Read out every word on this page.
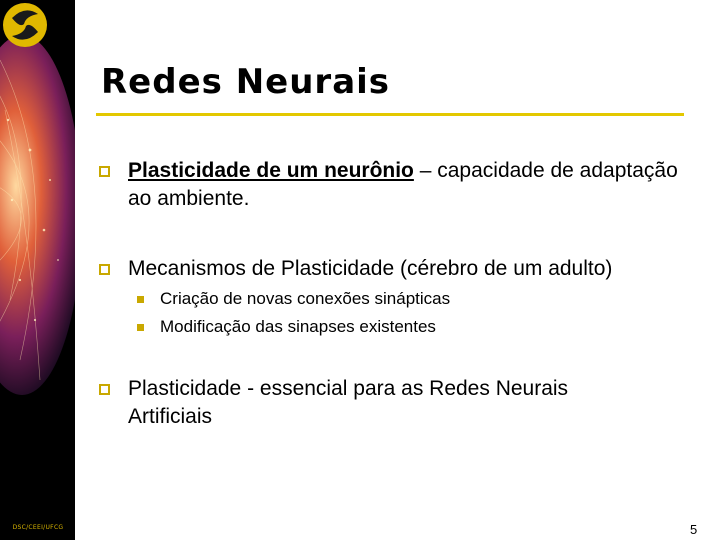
DSC/CEEI/UFCG
Redes Neurais
Plasticidade de um neurônio – capacidade de adaptação ao ambiente.
Mecanismos de Plasticidade (cérebro de um adulto)
Criação de novas conexões sinápticas
Modificação das sinapses existentes
Plasticidade - essencial para as Redes Neurais Artificiais
5
